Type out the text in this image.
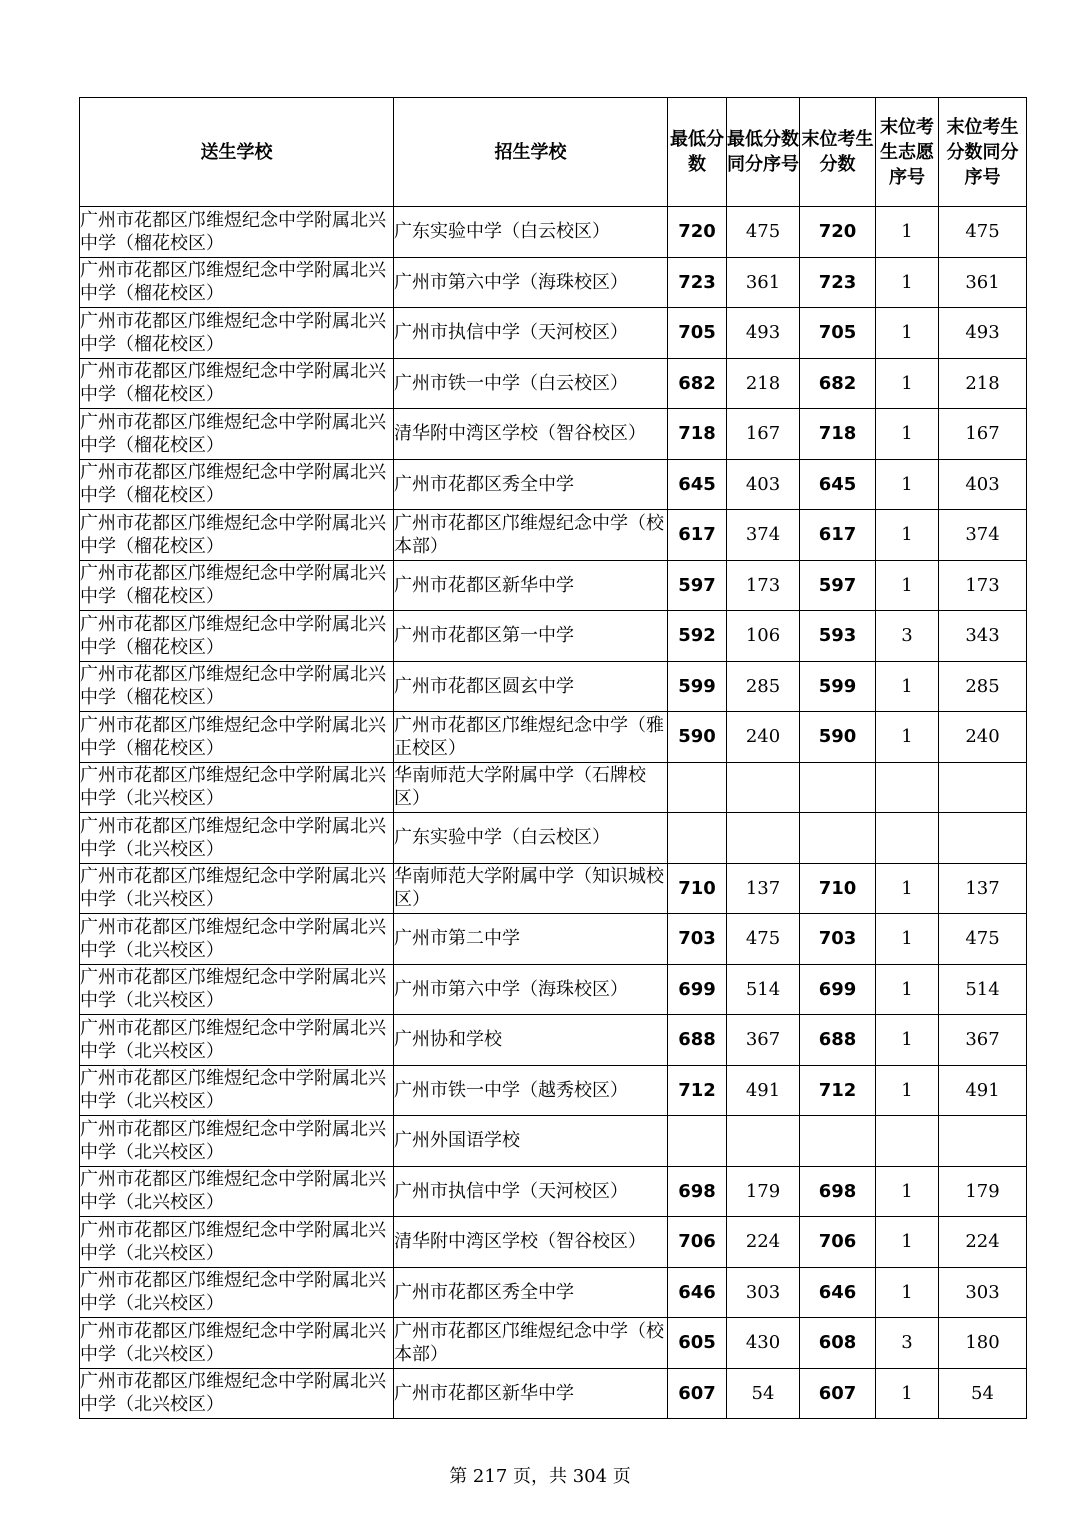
送生学校	招生学校	最低分数	最低分数同分序号	末位考生分数	末位考生志愿序号	末位考生分数同分序号
广州市花都区邝维煜纪念中学附属北兴中学（榴花校区）	广东实验中学（白云校区）	720	475	720	1	475
广州市花都区邝维煜纪念中学附属北兴中学（榴花校区）	广州市第六中学（海珠校区）	723	361	723	1	361
广州市花都区邝维煜纪念中学附属北兴中学（榴花校区）	广州市执信中学（天河校区）	705	493	705	1	493
广州市花都区邝维煜纪念中学附属北兴中学（榴花校区）	广州市铁一中学（白云校区）	682	218	682	1	218
广州市花都区邝维煜纪念中学附属北兴中学（榴花校区）	清华附中湾区学校（智谷校区）	718	167	718	1	167
广州市花都区邝维煜纪念中学附属北兴中学（榴花校区）	广州市花都区秀全中学	645	403	645	1	403
广州市花都区邝维煜纪念中学附属北兴中学（榴花校区）	广州市花都区邝维煜纪念中学（校本部）	617	374	617	1	374
广州市花都区邝维煜纪念中学附属北兴中学（榴花校区）	广州市花都区新华中学	597	173	597	1	173
广州市花都区邝维煜纪念中学附属北兴中学（榴花校区）	广州市花都区第一中学	592	106	593	3	343
广州市花都区邝维煜纪念中学附属北兴中学（榴花校区）	广州市花都区圆玄中学	599	285	599	1	285
广州市花都区邝维煜纪念中学附属北兴中学（榴花校区）	广州市花都区邝维煜纪念中学（雅正校区）	590	240	590	1	240
广州市花都区邝维煜纪念中学附属北兴中学（北兴校区）	华南师范大学附属中学（石牌校区）					
广州市花都区邝维煜纪念中学附属北兴中学（北兴校区）	广东实验中学（白云校区）					
广州市花都区邝维煜纪念中学附属北兴中学（北兴校区）	华南师范大学附属中学（知识城校区）	710	137	710	1	137
广州市花都区邝维煜纪念中学附属北兴中学（北兴校区）	广州市第二中学	703	475	703	1	475
广州市花都区邝维煜纪念中学附属北兴中学（北兴校区）	广州市第六中学（海珠校区）	699	514	699	1	514
广州市花都区邝维煜纪念中学附属北兴中学（北兴校区）	广州协和学校	688	367	688	1	367
广州市花都区邝维煜纪念中学附属北兴中学（北兴校区）	广州市铁一中学（越秀校区）	712	491	712	1	491
广州市花都区邝维煜纪念中学附属北兴中学（北兴校区）	广州外国语学校					
广州市花都区邝维煜纪念中学附属北兴中学（北兴校区）	广州市执信中学（天河校区）	698	179	698	1	179
广州市花都区邝维煜纪念中学附属北兴中学（北兴校区）	清华附中湾区学校（智谷校区）	706	224	706	1	224
广州市花都区邝维煜纪念中学附属北兴中学（北兴校区）	广州市花都区秀全中学	646	303	646	1	303
广州市花都区邝维煜纪念中学附属北兴中学（北兴校区）	广州市花都区邝维煜纪念中学（校本部）	605	430	608	3	180
广州市花都区邝维煜纪念中学附属北兴中学（北兴校区）	广州市花都区新华中学	607	54	607	1	54
第 217 页，共 304 页
